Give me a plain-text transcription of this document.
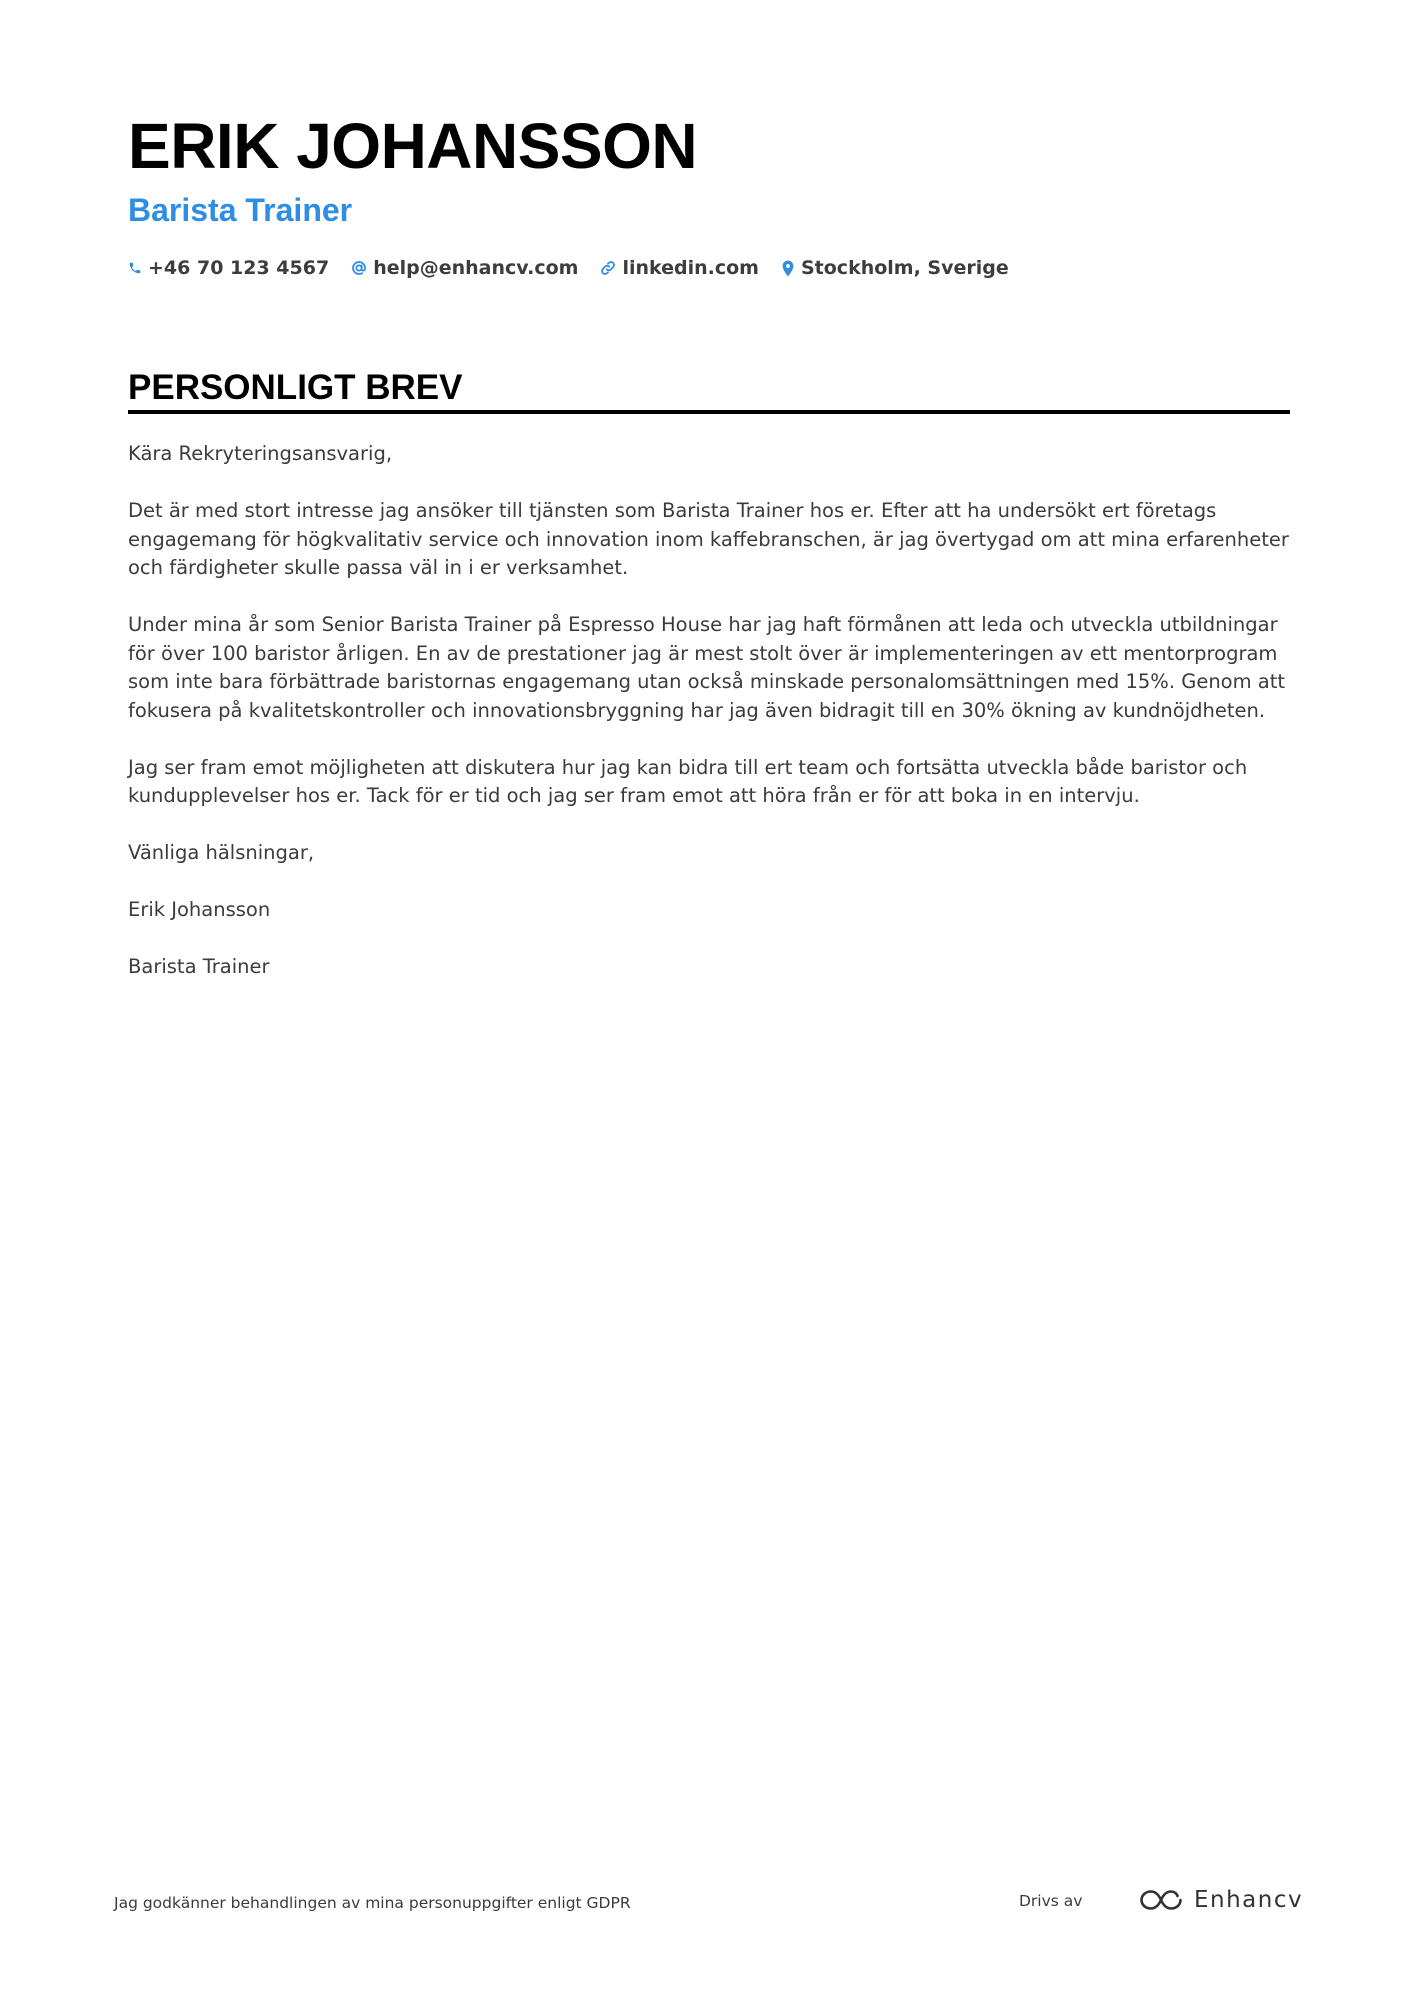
ERIK JOHANSSON
Barista Trainer
+46 70 123 4567 help@enhancv.com linkedin.com Stockholm, Sverige
PERSONLIGT BREV

Kära Rekryteringsansvarig,

Det är med stort intresse jag ansöker till tjänsten som Barista Trainer hos er. Efter att ha undersökt ert företags engagemang för högkvalitativ service och innovation inom kaffebranschen, är jag övertygad om att mina erfarenheter och färdigheter skulle passa väl in i er verksamhet.

Under mina år som Senior Barista Trainer på Espresso House har jag haft förmånen att leda och utveckla utbildningar för över 100 baristor årligen. En av de prestationer jag är mest stolt över är implementeringen av ett mentorprogram som inte bara förbättrade baristornas engagemang utan också minskade personalomsättningen med 15%. Genom att fokusera på kvalitetskontroller och innovationsbryggning har jag även bidragit till en 30% ökning av kundnöjdheten.

Jag ser fram emot möjligheten att diskutera hur jag kan bidra till ert team och fortsätta utveckla både baristor och kundupplevelser hos er. Tack för er tid och jag ser fram emot att höra från er för att boka in en intervju.

Vänliga hälsningar,

Erik Johansson

Barista Trainer

Jag godkänner behandlingen av mina personuppgifter enligt GDPR	Drivs av	Enhancv
